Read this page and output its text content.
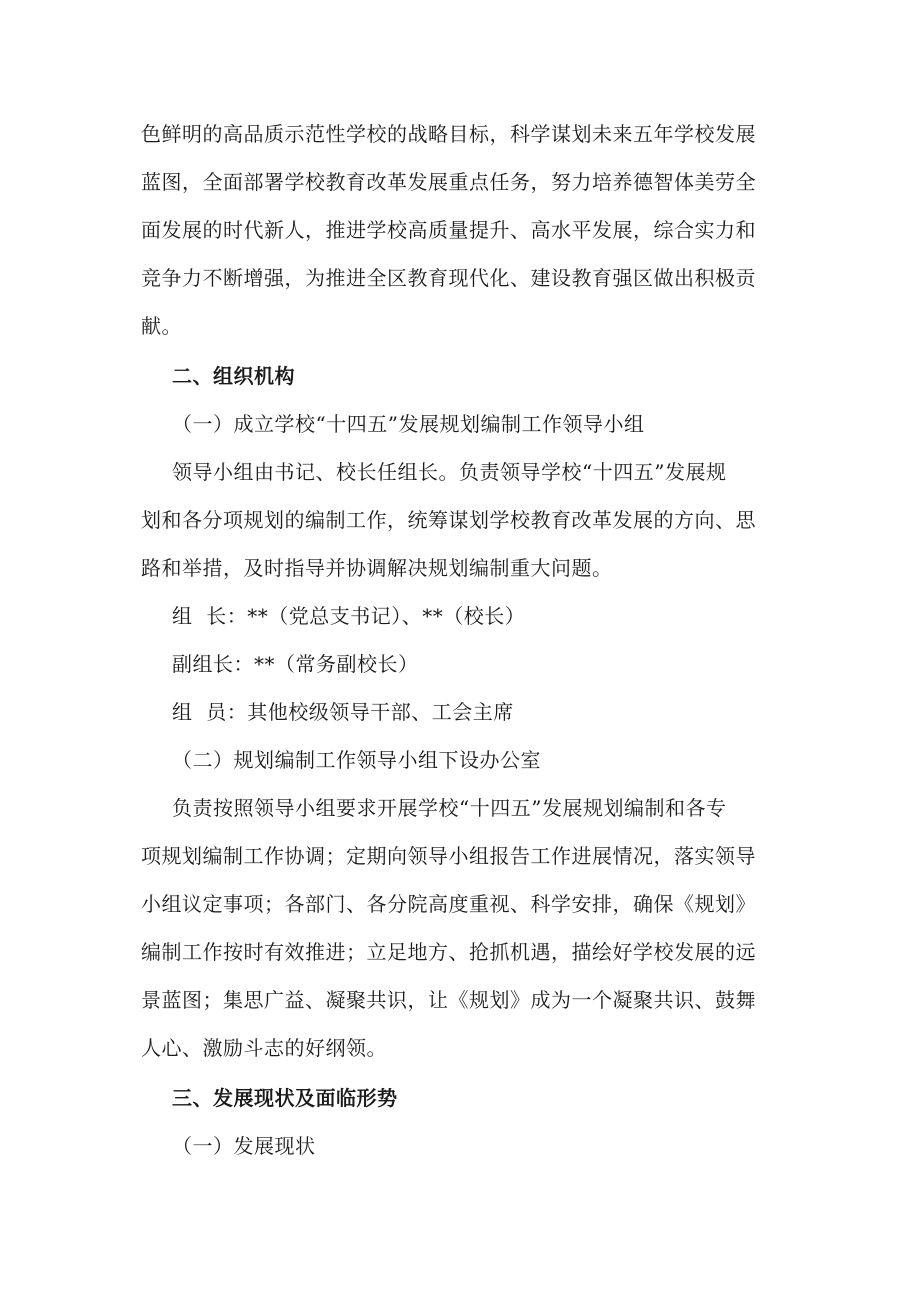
色鲜明的高品质示范性学校的战略目标，科学谋划未来五年学校发展
蓝图，全面部署学校教育改革发展重点任务，努力培养德智体美劳全
面发展的时代新人，推进学校高质量提升、高水平发展，综合实力和
竞争力不断增强，为推进全区教育现代化、建设教育强区做出积极贡
献。
二、组织机构
（一）成立学校“十四五”发展规划编制工作领导小组
领导小组由书记、校长任组长。负责领导学校“十四五”发展规
划和各分项规划的编制工作，统筹谋划学校教育改革发展的方向、思
路和举措，及时指导并协调解决规划编制重大问题。
组  长：**（党总支书记）、**（校长）
副组长：**（常务副校长）
组  员：其他校级领导干部、工会主席
（二）规划编制工作领导小组下设办公室
负责按照领导小组要求开展学校“十四五”发展规划编制和各专
项规划编制工作协调；定期向领导小组报告工作进展情况，落实领导
小组议定事项；各部门、各分院高度重视、科学安排，确保《规划》
编制工作按时有效推进；立足地方、抢抓机遇，描绘好学校发展的远
景蓝图；集思广益、凝聚共识，让《规划》成为一个凝聚共识、鼓舞
人心、激励斗志的好纲领。
三、发展现状及面临形势
（一）发展现状
